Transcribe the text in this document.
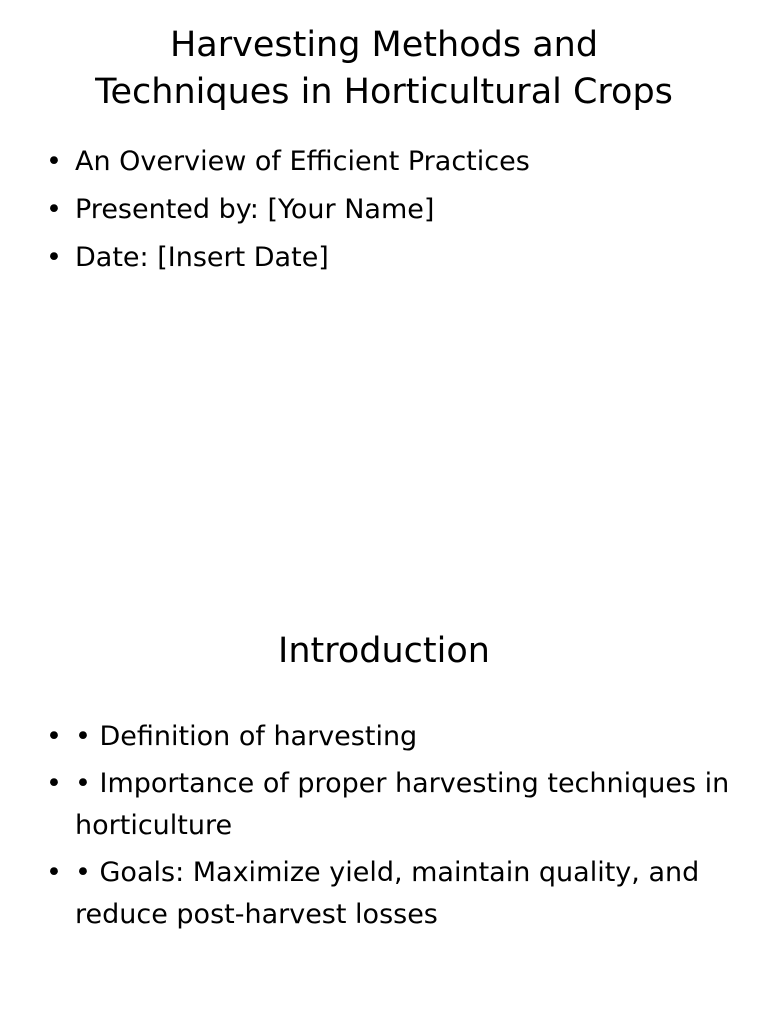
Harvesting Methods and
Techniques in Horticultural Crops
• An Overview of Efficient Practices
• Presented by: [Your Name]
• Date: [Insert Date]
Introduction
• • Definition of harvesting
• • Importance of proper harvesting techniques in horticulture
• • Goals: Maximize yield, maintain quality, and reduce post-harvest losses
